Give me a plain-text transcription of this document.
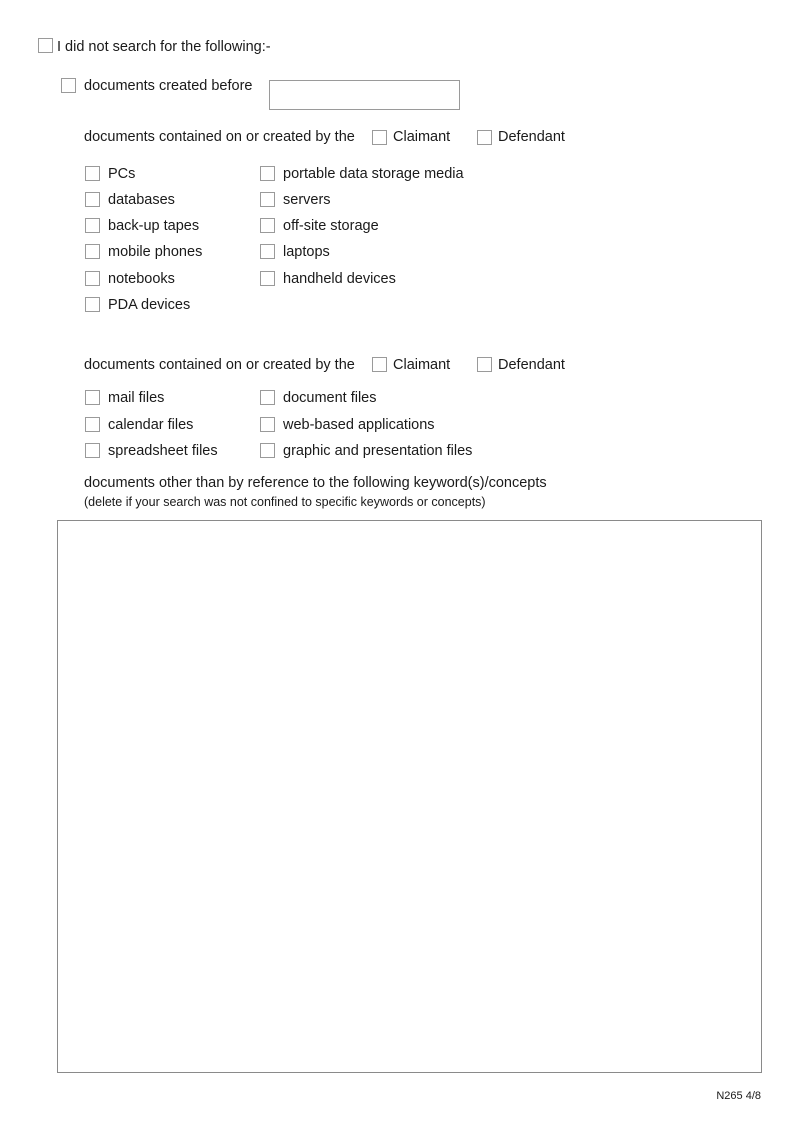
I did not search for the following:-
documents created before
documents contained on or created by the	Claimant	Defendant
PCs
databases
back-up tapes
mobile phones
notebooks
PDA devices
portable data storage media
servers
off-site storage
laptops
handheld devices
documents contained on or created by the	Claimant	Defendant
mail files
calendar files
spreadsheet files
document files
web-based applications
graphic and presentation files
documents other than by reference to the following keyword(s)/concepts
(delete if your search was not confined to specific keywords or concepts)
N265 4/8
